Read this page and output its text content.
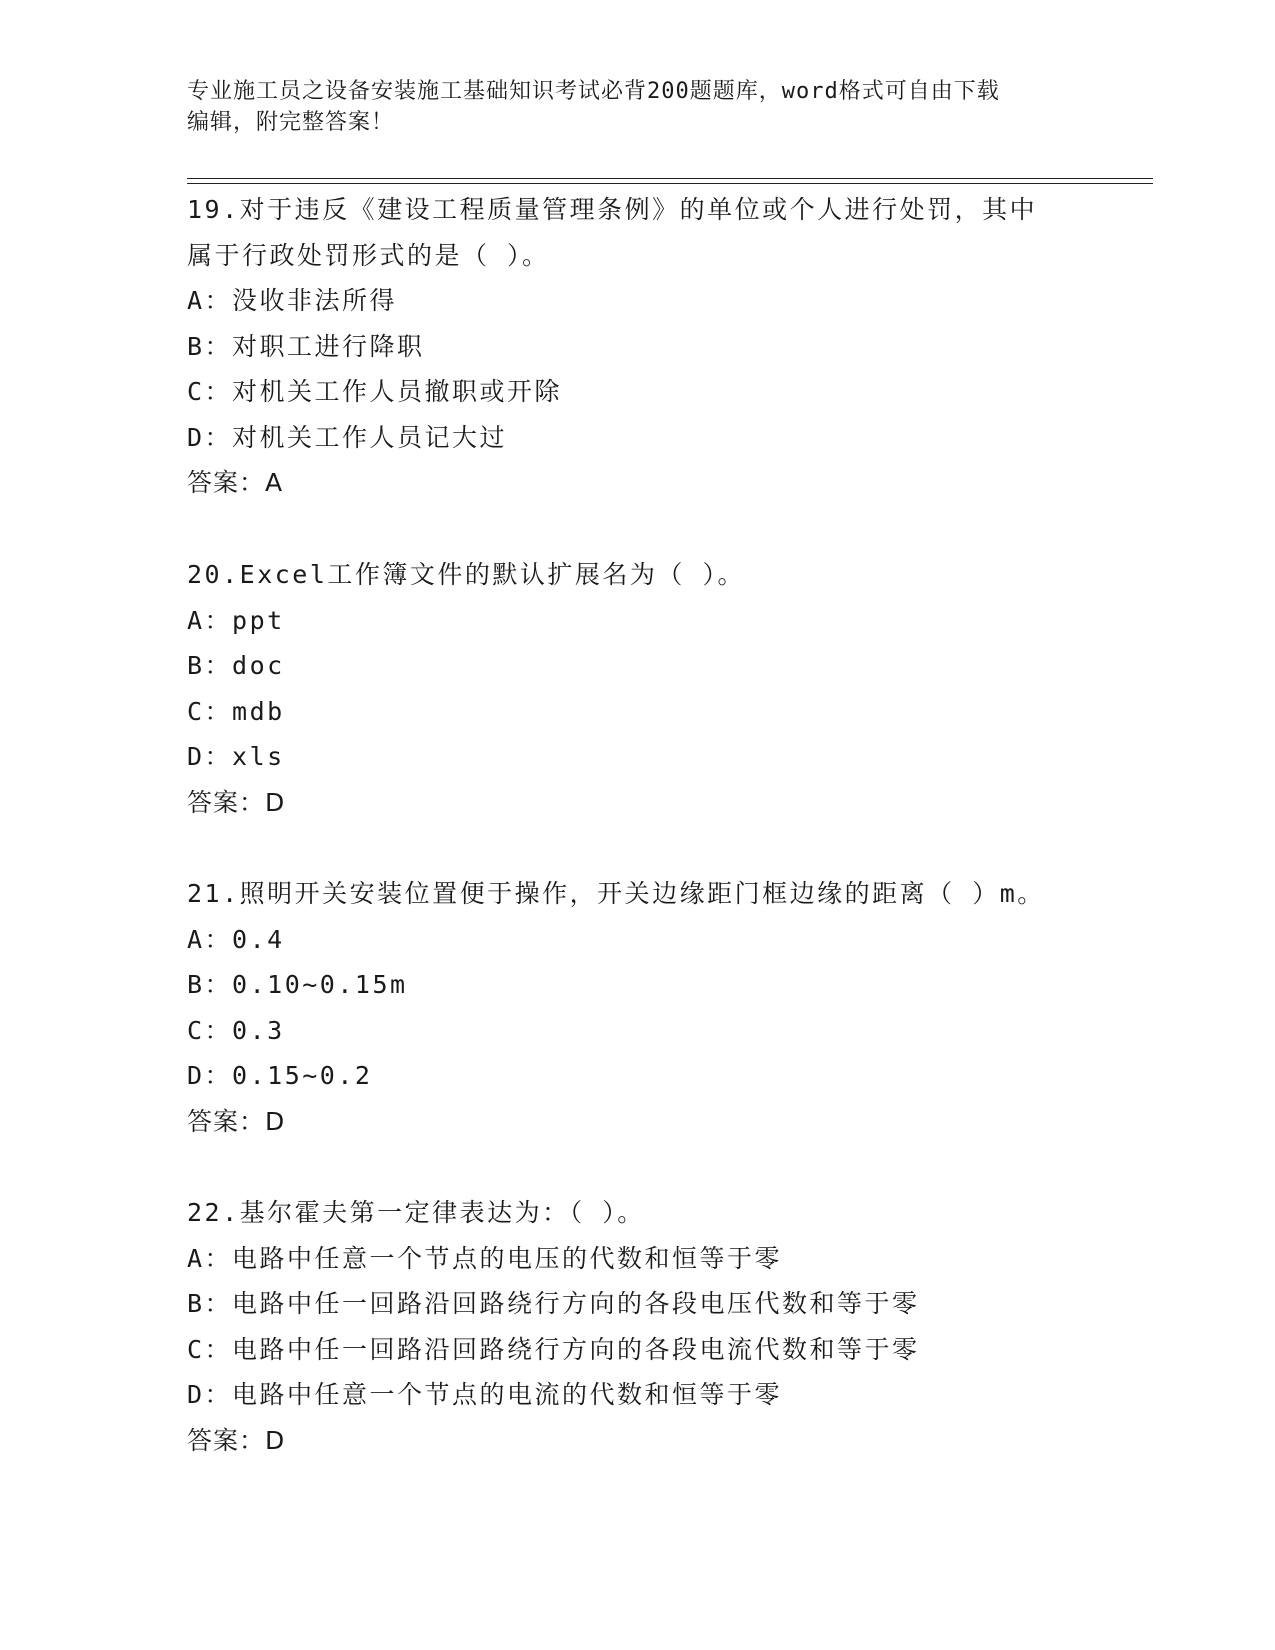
专业施工员之设备安装施工基础知识考试必背200题题库，word格式可自由下载
编辑，附完整答案！
19.对于违反《建设工程质量管理条例》的单位或个人进行处罚，其中
属于行政处罚形式的是（ ）。
A：没收非法所得
B：对职工进行降职
C：对机关工作人员撤职或开除
D：对机关工作人员记大过
答案：A
20.Excel工作簿文件的默认扩展名为（ ）。
A：ppt
B：doc
C：mdb
D：xls
答案：D
21.照明开关安装位置便于操作，开关边缘距门框边缘的距离（ ）m。
A：0.4
B：0.10~0.15m
C：0.3
D：0.15~0.2
答案：D
22.基尔霍夫第一定律表达为：（ ）。
A：电路中任意一个节点的电压的代数和恒等于零
B：电路中任一回路沿回路绕行方向的各段电压代数和等于零
C：电路中任一回路沿回路绕行方向的各段电流代数和等于零
D：电路中任意一个节点的电流的代数和恒等于零
答案：D
